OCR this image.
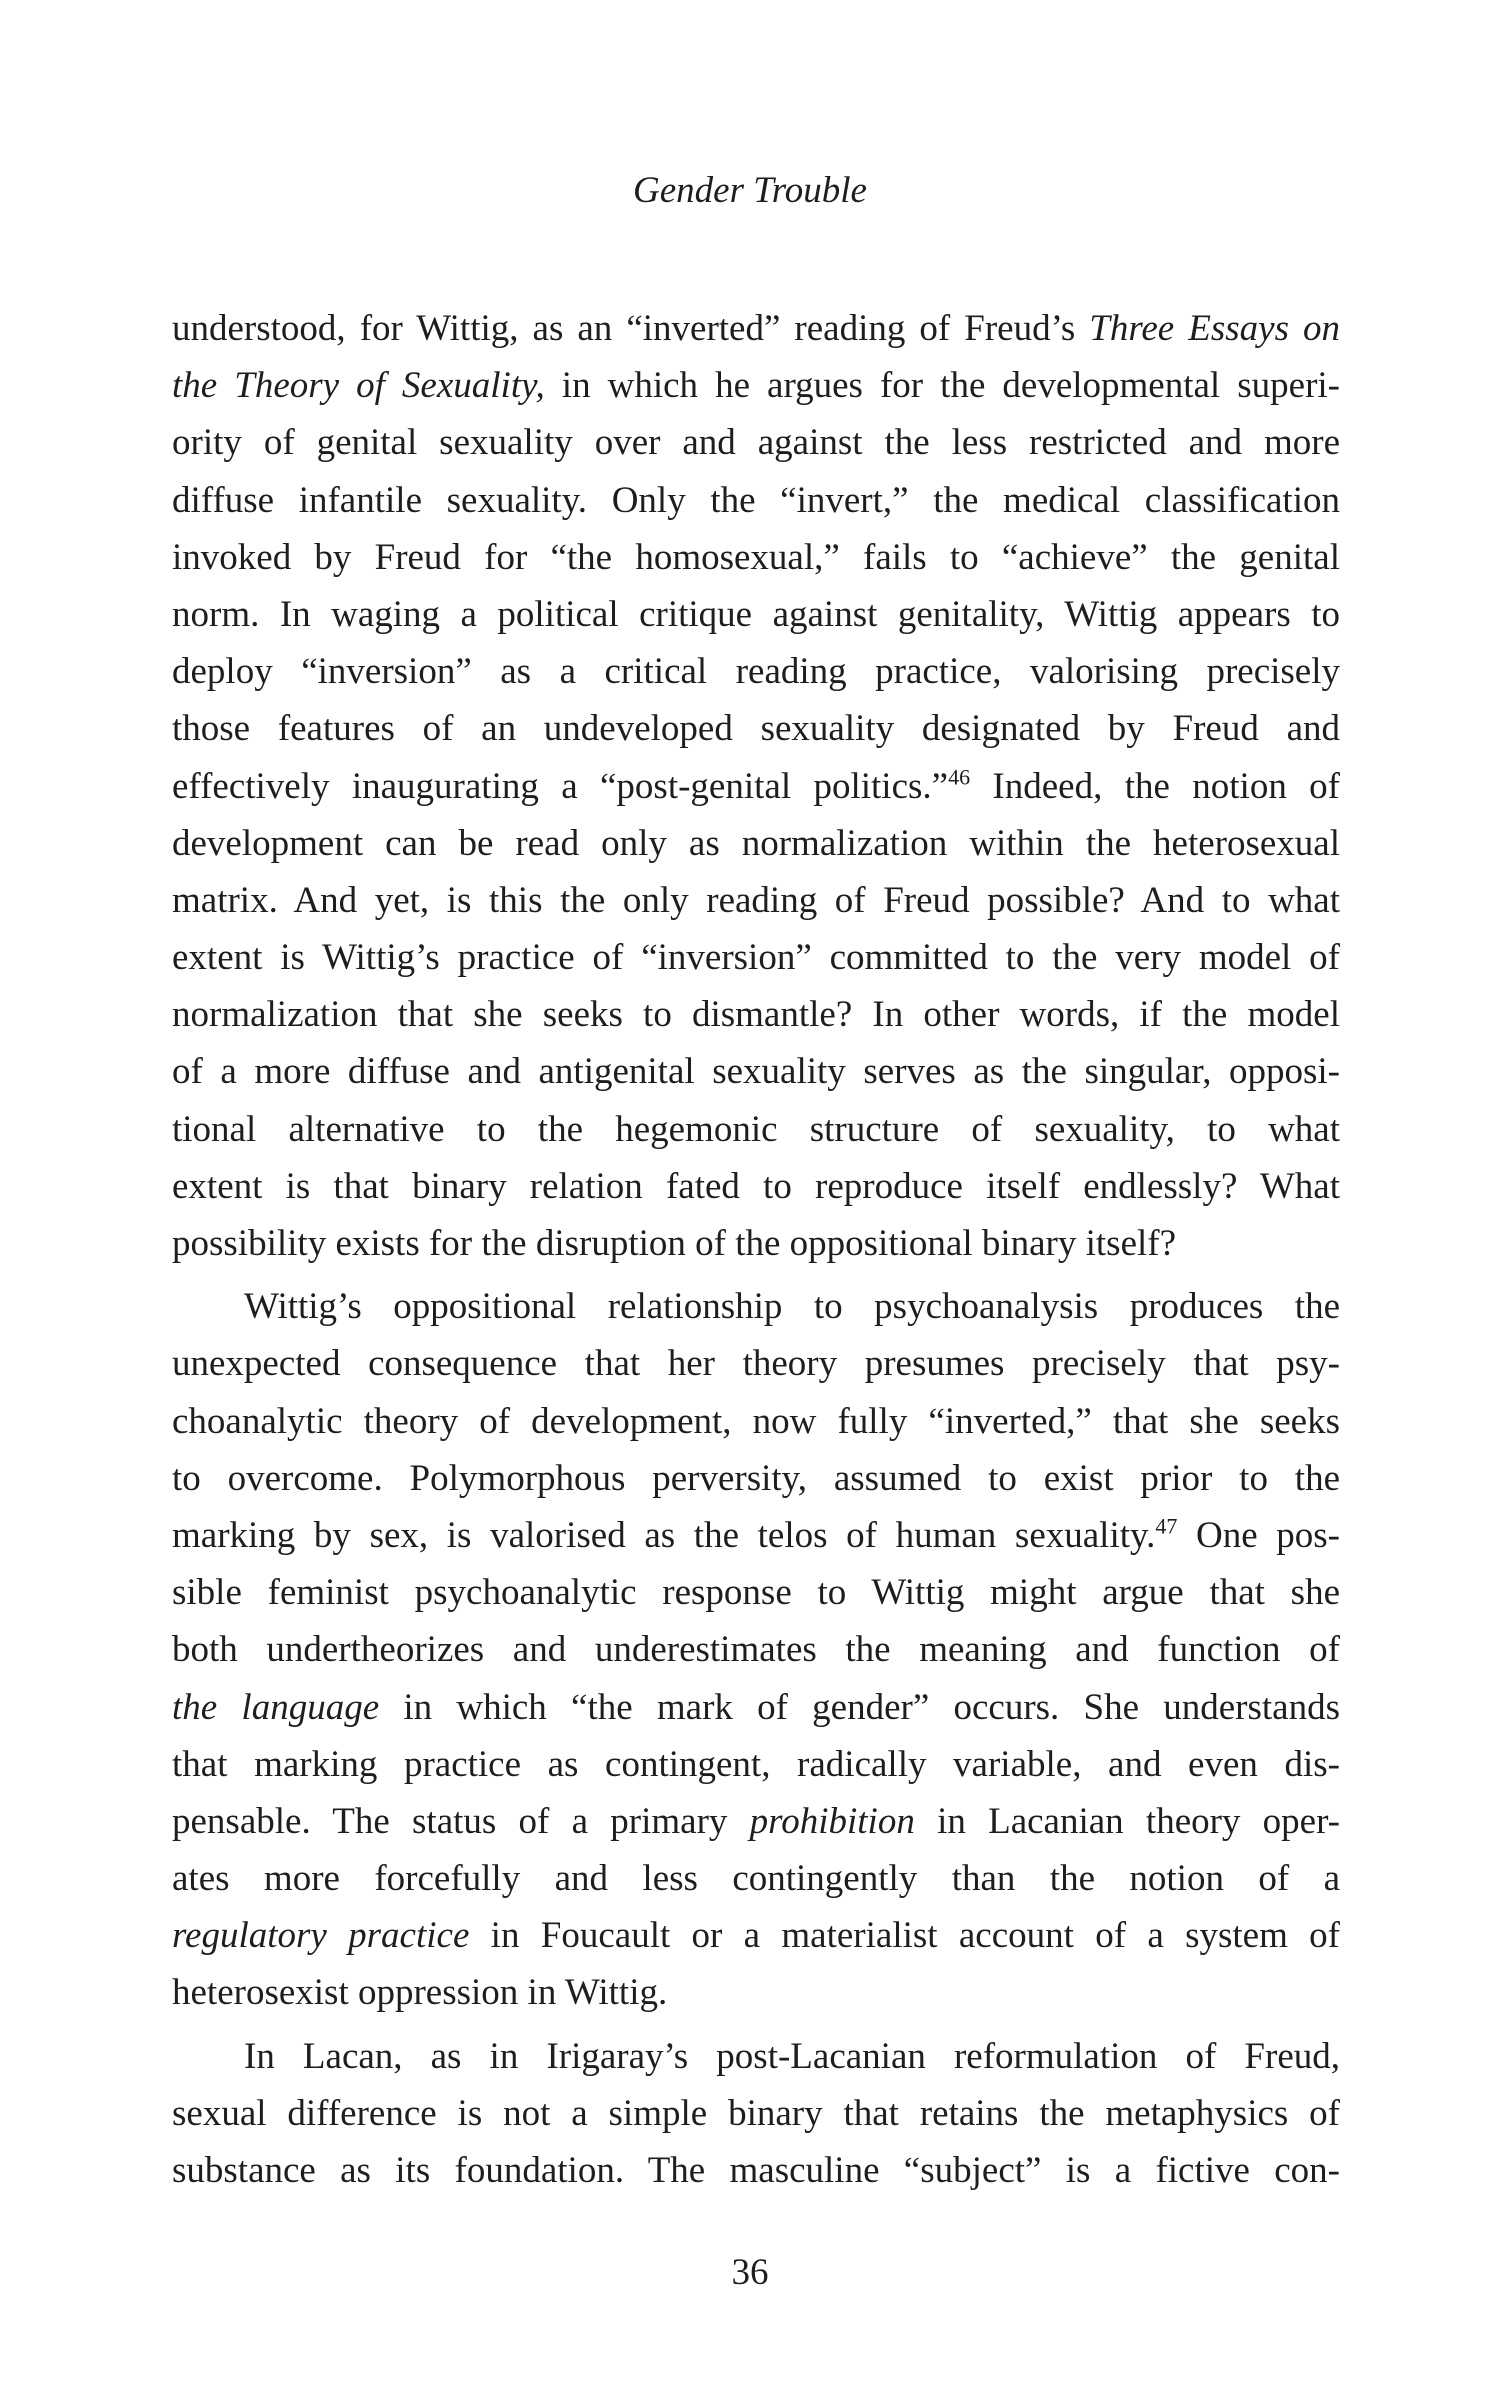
Gender Trouble
understood, for Wittig, as an “inverted” reading of Freud’s Three Essays on
the Theory of Sexuality, in which he argues for the developmental superi-
ority of genital sexuality over and against the less restricted and more
diffuse infantile sexuality. Only the “invert,” the medical classification
invoked by Freud for “the homosexual,” fails to “achieve” the genital
norm. In waging a political critique against genitality, Wittig appears to
deploy “inversion” as a critical reading practice, valorising precisely
those features of an undeveloped sexuality designated by Freud and
effectively inaugurating a “post-genital politics.”$^{46}$ Indeed, the notion of
development can be read only as normalization within the heterosexual
matrix. And yet, is this the only reading of Freud possible? And to what
extent is Wittig’s practice of “inversion” committed to the very model of
normalization that she seeks to dismantle? In other words, if the model
of a more diffuse and antigenital sexuality serves as the singular, opposi-
tional alternative to the hegemonic structure of sexuality, to what
extent is that binary relation fated to reproduce itself endlessly? What
possibility exists for the disruption of the oppositional binary itself?
Wittig’s oppositional relationship to psychoanalysis produces the
unexpected consequence that her theory presumes precisely that psy-
choanalytic theory of development, now fully “inverted,” that she seeks
to overcome. Polymorphous perversity, assumed to exist prior to the
marking by sex, is valorised as the telos of human sexuality.$^{47}$ One pos-
sible feminist psychoanalytic response to Wittig might argue that she
both undertheorizes and underestimates the meaning and function of
the language in which “the mark of gender” occurs. She understands
that marking practice as contingent, radically variable, and even dis-
pensable. The status of a primary prohibition in Lacanian theory oper-
ates more forcefully and less contingently than the notion of a
regulatory practice in Foucault or a materialist account of a system of
heterosexist oppression in Wittig.
In Lacan, as in Irigaray’s post-Lacanian reformulation of Freud,
sexual difference is not a simple binary that retains the metaphysics of
substance as its foundation. The masculine “subject” is a fictive con-
36
